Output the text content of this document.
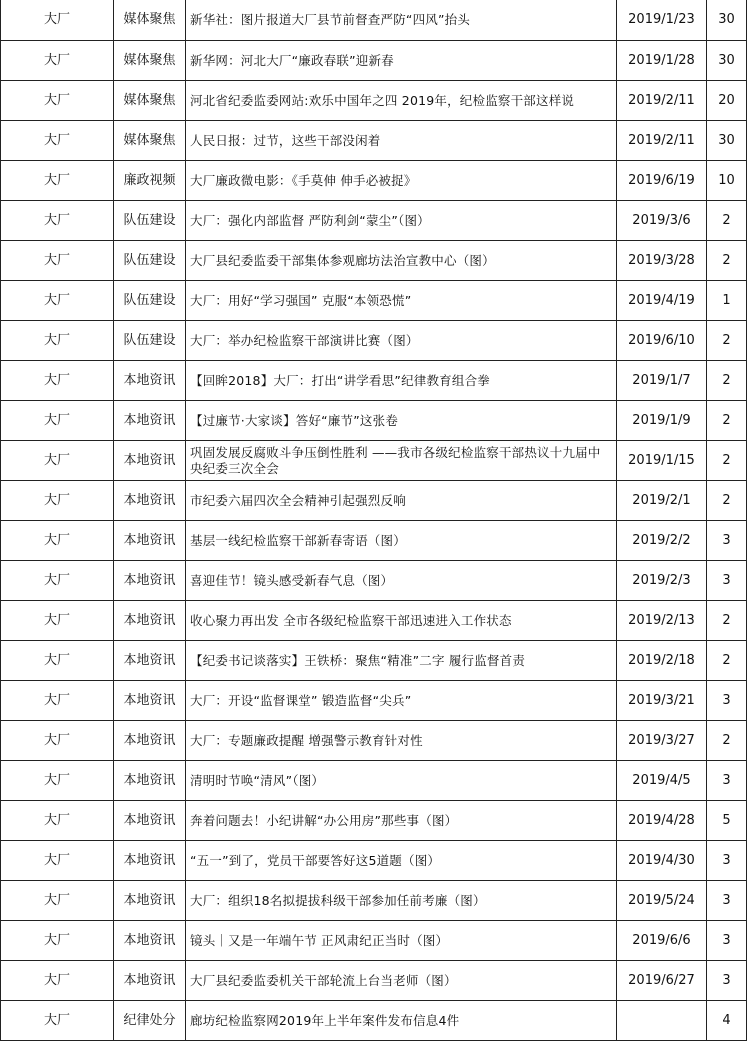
大厂	媒体聚焦	新华社：图片报道大厂县节前督查严防“四风”抬头	2019/1/23	30
大厂	媒体聚焦	新华网：河北大厂“廉政春联”迎新春	2019/1/28	30
大厂	媒体聚焦	河北省纪委监委网站:欢乐中国年之四 2019年，纪检监察干部这样说	2019/2/11	20
大厂	媒体聚焦	人民日报：过节，这些干部没闲着	2019/2/11	30
大厂	廉政视频	大厂廉政微电影：《手莫伸 伸手必被捉》	2019/6/19	10
大厂	队伍建设	大厂：强化内部监督 严防利剑“蒙尘”（图）	2019/3/6	2
大厂	队伍建设	大厂县纪委监委干部集体参观廊坊法治宣教中心（图）	2019/3/28	2
大厂	队伍建设	大厂：用好“学习强国” 克服“本领恐慌”	2019/4/19	1
大厂	队伍建设	大厂：举办纪检监察干部演讲比赛（图）	2019/6/10	2
大厂	本地资讯	【回眸2018】大厂：打出“讲学看思”纪律教育组合拳	2019/1/7	2
大厂	本地资讯	【过廉节·大家谈】答好“廉节”这张卷	2019/1/9	2
大厂	本地资讯	巩固发展反腐败斗争压倒性胜利 ——我市各级纪检监察干部热议十九届中央纪委三次全会	2019/1/15	2
大厂	本地资讯	市纪委六届四次全会精神引起强烈反响	2019/2/1	2
大厂	本地资讯	基层一线纪检监察干部新春寄语（图）	2019/2/2	3
大厂	本地资讯	喜迎佳节！镜头感受新春气息（图）	2019/2/3	3
大厂	本地资讯	收心聚力再出发 全市各级纪检监察干部迅速进入工作状态	2019/2/13	2
大厂	本地资讯	【纪委书记谈落实】王铁桥：聚焦“精准”二字 履行监督首责	2019/2/18	2
大厂	本地资讯	大厂：开设“监督课堂” 锻造监督“尖兵”	2019/3/21	3
大厂	本地资讯	大厂：专题廉政提醒 增强警示教育针对性	2019/3/27	2
大厂	本地资讯	清明时节唤“清风”（图）	2019/4/5	3
大厂	本地资讯	奔着问题去！小纪讲解“办公用房”那些事（图）	2019/4/28	5
大厂	本地资讯	“五一”到了，党员干部要答好这5道题（图）	2019/4/30	3
大厂	本地资讯	大厂：组织18名拟提拔科级干部参加任前考廉（图）	2019/5/24	3
大厂	本地资讯	镜头｜又是一年端午节 正风肃纪正当时（图）	2019/6/6	3
大厂	本地资讯	大厂县纪委监委机关干部轮流上台当老师（图）	2019/6/27	3
大厂	纪律处分	廊坊纪检监察网2019年上半年案件发布信息4件		4
